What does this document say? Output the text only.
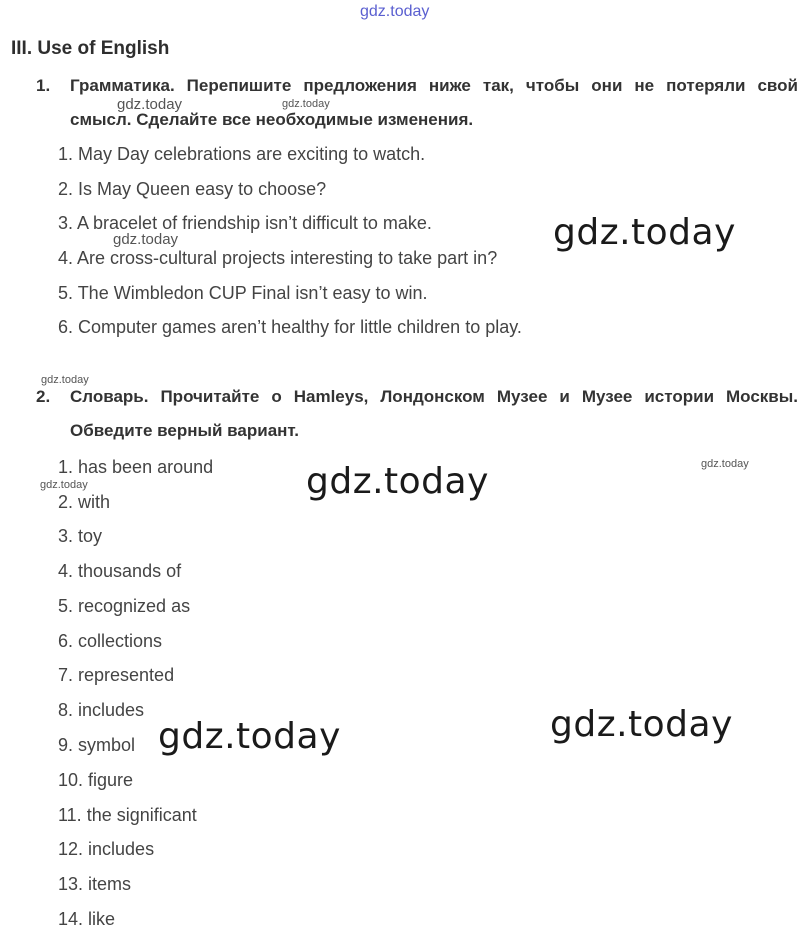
gdz.today
III. Use of English
1. Грамматика. Перепишите предложения ниже так, чтобы они не потеряли свой смысл. Сделайте все необходимые изменения.
1. May Day celebrations are exciting to watch.
2. Is May Queen easy to choose?
3. A bracelet of friendship isn’t difficult to make.
4. Are cross-cultural projects interesting to take part in?
5. The Wimbledon CUP Final isn’t easy to win.
6. Computer games aren’t healthy for little children to play.
2. Словарь. Прочитайте о Hamleys, Лондонском Музее и Музее истории Москвы. Обведите верный вариант.
1. has been around
2. with
3. toy
4. thousands of
5. recognized as
6. collections
7. represented
8. includes
9. symbol
10. figure
11. the significant
12. includes
13. items
14. like
gdz.today	gdz.today
gdz.today	gdz.today
gdz.today
gdz.today	gdz.today	gdz.today
gdz.today	gdz.today
